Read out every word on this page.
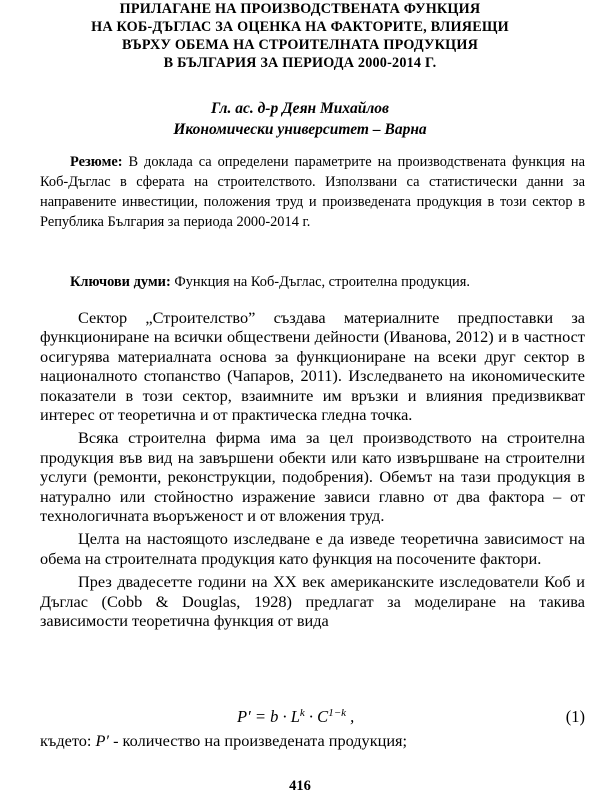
ПРИЛАГАНЕ НА ПРОИЗВОДСТВЕНАТА ФУНКЦИЯ
НА КОБ-ДЪГЛАС ЗА ОЦЕНКА НА ФАКТОРИТЕ, ВЛИЯЕЩИ
ВЪРХУ ОБЕМА НА СТРОИТЕЛНАТА ПРОДУКЦИЯ
В БЪЛГАРИЯ ЗА ПЕРИОДА 2000-2014 Г.
Гл. ас. д-р Деян Михайлов
Икономически университет – Варна
Резюме: В доклада са определени параметрите на производствената функция на Коб-Дъглас в сферата на строителството. Използвани са статистически данни за направените инвестиции, положения труд и произведената продукция в този сектор в Република България за периода 2000-2014 г.
Ключови думи: Функция на Коб-Дъглас, строителна продукция.

Сектор „Строителство” създава материалните предпоставки за функциониране на всички обществени дейности (Иванова, 2012) и в частност осигурява материалната основа за функциониране на всеки друг сектор в националното стопанство (Чапаров, 2011). Изследването на икономическите показатели в този сектор, взаимните им връзки и влияния предизвикват интерес от теоретична и от практическа гледна точка.

Всяка строителна фирма има за цел производството на строителна продукция във вид на завършени обекти или като извършване на строителни услуги (ремонти, реконструкции, подобрения). Обемът на тази продукция в натурално или стойностно изражение зависи главно от два фактора – от технологичната въоръженост и от вложения труд.

Целта на настоящото изследване е да изведе теоретична зависимост на обема на строителната продукция като функция на посочените фактори.

През двадесетте години на XX век американските изследователи Коб и Дъглас (Cobb & Douglas, 1928) предлагат за моделиране на такива зависимости теоретична функция от вида

$P' = b \cdot L^k \cdot C^{1-k}$ ,	(1)
където: P′ - количество на произведената продукция;
416
